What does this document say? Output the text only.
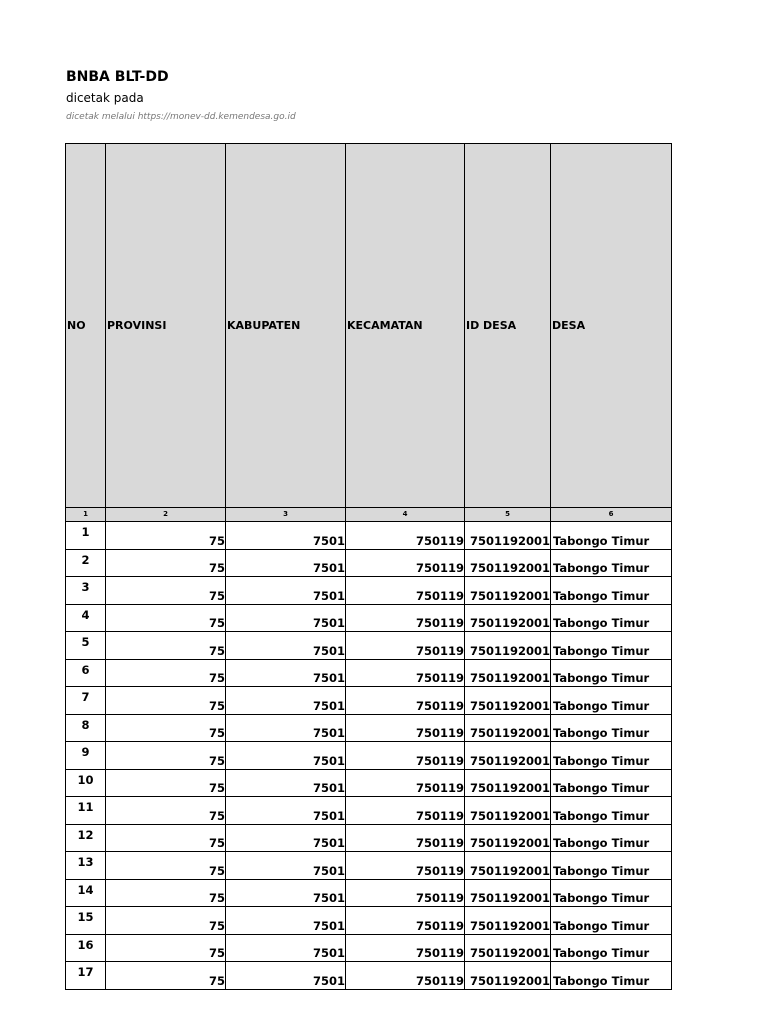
BNBA BLT-DD
dicetak pada
dicetak melalui https://monev-dd.kemendesa.go.id
NO	PROVINSI	KABUPATEN	KECAMATAN	ID DESA	DESA
1	2	3	4	5	6
1	75	7501	750119	7501192001	Tabongo Timur
2	75	7501	750119	7501192001	Tabongo Timur
3	75	7501	750119	7501192001	Tabongo Timur
4	75	7501	750119	7501192001	Tabongo Timur
5	75	7501	750119	7501192001	Tabongo Timur
6	75	7501	750119	7501192001	Tabongo Timur
7	75	7501	750119	7501192001	Tabongo Timur
8	75	7501	750119	7501192001	Tabongo Timur
9	75	7501	750119	7501192001	Tabongo Timur
10	75	7501	750119	7501192001	Tabongo Timur
11	75	7501	750119	7501192001	Tabongo Timur
12	75	7501	750119	7501192001	Tabongo Timur
13	75	7501	750119	7501192001	Tabongo Timur
14	75	7501	750119	7501192001	Tabongo Timur
15	75	7501	750119	7501192001	Tabongo Timur
16	75	7501	750119	7501192001	Tabongo Timur
17	75	7501	750119	7501192001	Tabongo Timur
